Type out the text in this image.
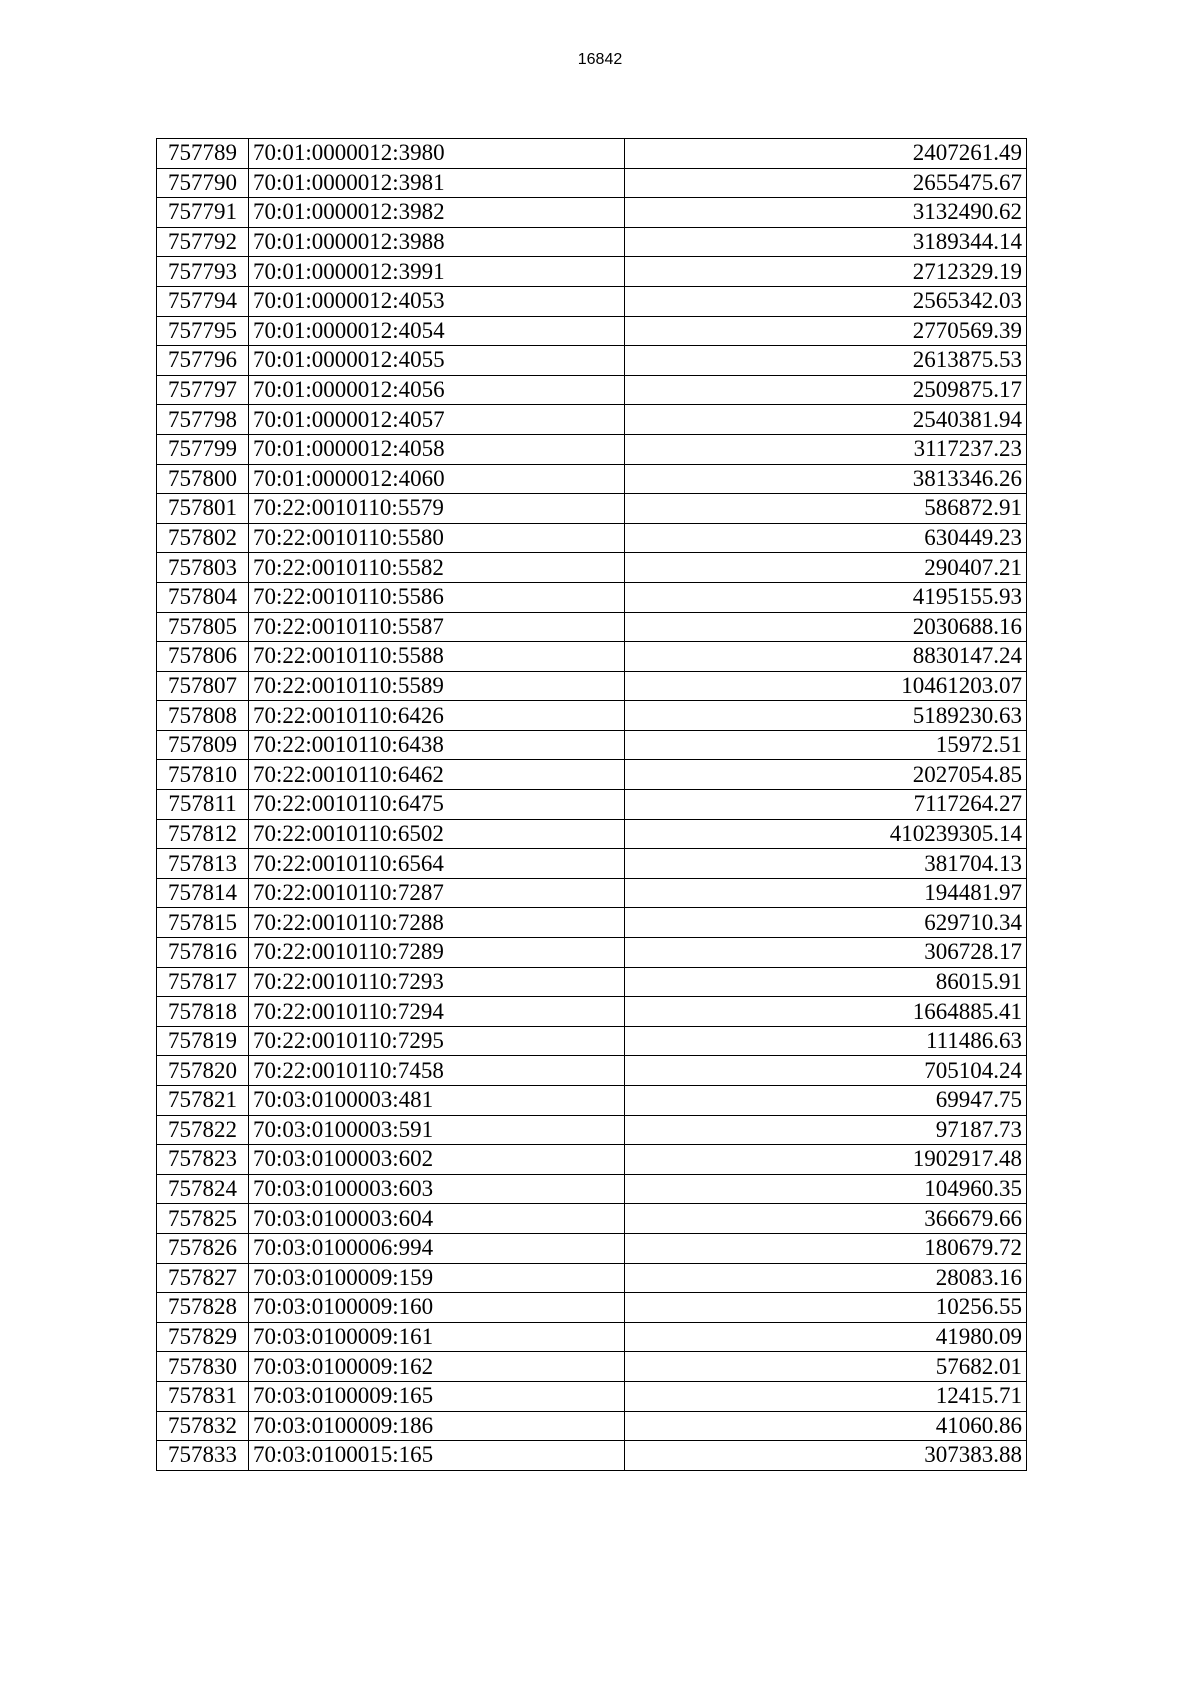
16842
757789	70:01:0000012:3980	2407261.49
757790	70:01:0000012:3981	2655475.67
757791	70:01:0000012:3982	3132490.62
757792	70:01:0000012:3988	3189344.14
757793	70:01:0000012:3991	2712329.19
757794	70:01:0000012:4053	2565342.03
757795	70:01:0000012:4054	2770569.39
757796	70:01:0000012:4055	2613875.53
757797	70:01:0000012:4056	2509875.17
757798	70:01:0000012:4057	2540381.94
757799	70:01:0000012:4058	3117237.23
757800	70:01:0000012:4060	3813346.26
757801	70:22:0010110:5579	586872.91
757802	70:22:0010110:5580	630449.23
757803	70:22:0010110:5582	290407.21
757804	70:22:0010110:5586	4195155.93
757805	70:22:0010110:5587	2030688.16
757806	70:22:0010110:5588	8830147.24
757807	70:22:0010110:5589	10461203.07
757808	70:22:0010110:6426	5189230.63
757809	70:22:0010110:6438	15972.51
757810	70:22:0010110:6462	2027054.85
757811	70:22:0010110:6475	7117264.27
757812	70:22:0010110:6502	410239305.14
757813	70:22:0010110:6564	381704.13
757814	70:22:0010110:7287	194481.97
757815	70:22:0010110:7288	629710.34
757816	70:22:0010110:7289	306728.17
757817	70:22:0010110:7293	86015.91
757818	70:22:0010110:7294	1664885.41
757819	70:22:0010110:7295	111486.63
757820	70:22:0010110:7458	705104.24
757821	70:03:0100003:481	69947.75
757822	70:03:0100003:591	97187.73
757823	70:03:0100003:602	1902917.48
757824	70:03:0100003:603	104960.35
757825	70:03:0100003:604	366679.66
757826	70:03:0100006:994	180679.72
757827	70:03:0100009:159	28083.16
757828	70:03:0100009:160	10256.55
757829	70:03:0100009:161	41980.09
757830	70:03:0100009:162	57682.01
757831	70:03:0100009:165	12415.71
757832	70:03:0100009:186	41060.86
757833	70:03:0100015:165	307383.88
